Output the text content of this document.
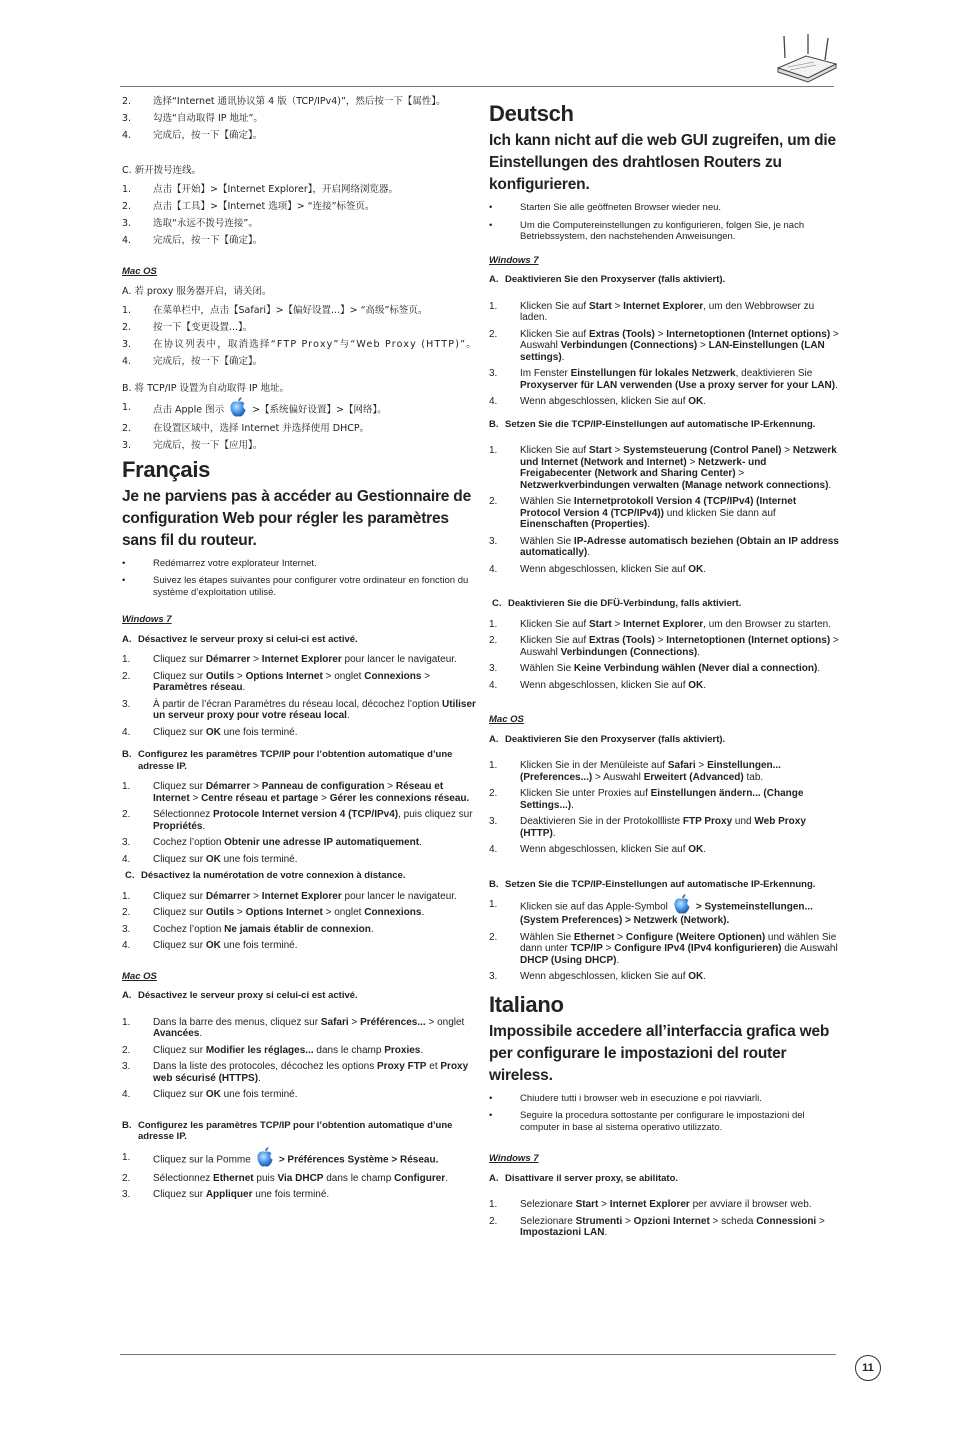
2.	选择“Internet 通讯协议第 4 版（TCP/IPv4)”，然后按一下【属性】。
3.	勾选“自动取得 IP 地址”。
4.	完成后，按一下【确定】。
C. 新开拨号连线。
1.	点击【开始】>【Internet Explorer】，开启网络浏览器。
2.	点击【工具】>【Internet 选项】> “连接”标签页。
3.	选取“永远不拨号连接”。
4.	完成后，按一下【确定】。
Mac OS
A. 若 proxy 服务器开启，请关闭。
1.	在菜单栏中，点击【Safari】>【偏好设置...】> “高级”标签页。
2.	按一下【变更设置...】。
3.	在协议列表中，取消选择“FTP Proxy”与“Web Proxy (HTTP)”。
4.	完成后，按一下【确定】。
B. 将 TCP/IP 设置为自动取得 IP 地址。
1.	点击 Apple 图示	>【系统偏好设置】>【网络】。
2.	在设置区域中，选择 Internet 并选择使用 DHCP。
3.	完成后，按一下【应用】。
Français
Je ne parviens pas à accéder au Gestionnaire de configuration Web pour régler les paramètres sans fil du routeur.
•	Redémarrez votre explorateur Internet.
•	Suivez les étapes suivantes pour configurer votre ordinateur en fonction du système d’exploitation utilisé.
Windows 7
A. Désactivez le serveur proxy si celui-ci est activé.
1.	Cliquez sur Démarrer > Internet Explorer pour lancer le navigateur.
2.	Cliquez sur Outils > Options Internet > onglet Connexions > Paramètres réseau.
3.	À partir de l’écran Paramètres du réseau local, décochez l’option Utiliser un serveur proxy pour votre réseau local.
4.	Cliquez sur OK une fois terminé.
B. Configurez les paramètres TCP/IP pour l’obtention automatique d’une adresse IP.
1.	Cliquez sur Démarrer > Panneau de configuration > Réseau et Internet > Centre réseau et partage > Gérer les connexions réseau.
2.	Sélectionnez Protocole Internet version 4 (TCP/IPv4), puis cliquez sur Propriétés.
3.	Cochez l’option Obtenir une adresse IP automatiquement.
4.	Cliquez sur OK une fois terminé.
C. Désactivez la numérotation de votre connexion à distance.
1.	Cliquez sur Démarrer > Internet Explorer pour lancer le navigateur.
2.	Cliquez sur Outils > Options Internet > onglet Connexions.
3.	Cochez l’option Ne jamais établir de connexion.
4.	Cliquez sur OK une fois terminé.
Mac OS
A. Désactivez le serveur proxy si celui-ci est activé.
1.	Dans la barre des menus, cliquez sur Safari > Préférences... > onglet Avancées.
2.	Cliquez sur Modifier les réglages... dans le champ Proxies.
3.	Dans la liste des protocoles, décochez les options Proxy FTP et Proxy web sécurisé (HTTPS).
4.	Cliquez sur OK une fois terminé.
B. Configurez les paramètres TCP/IP pour l’obtention automatique d’une adresse IP.
1.	Cliquez sur la Pomme	> Préférences Système > Réseau.
2.	Sélectionnez Ethernet puis Via DHCP dans le champ Configurer.
3.	Cliquez sur Appliquer une fois terminé.
Deutsch
Ich kann nicht auf die web GUI zugreifen, um die Einstellungen des drahtlosen Routers zu konfigurieren.
•	Starten Sie alle geöffneten Browser wieder neu.
•	Um die Computereinstellungen zu konfigurieren, folgen Sie, je nach Betriebssystem, den nachstehenden Anweisungen.
Windows 7
A. Deaktivieren Sie den Proxyserver (falls aktiviert).
1.	Klicken Sie auf Start > Internet Explorer, um den Webbrowser zu laden.
2.	Klicken Sie auf Extras (Tools) > Internetoptionen (Internet options) > Auswahl Verbindungen (Connections) > LAN-Einstellungen (LAN settings).
3.	Im Fenster Einstellungen für lokales Netzwerk, deaktivieren Sie Proxyserver für LAN verwenden (Use a proxy server for your LAN).
4.	Wenn abgeschlossen, klicken Sie auf OK.
B. Setzen Sie die TCP/IP-Einstellungen auf automatische IP-Erkennung.
1.	Klicken Sie auf Start > Systemsteuerung (Control Panel) > Netzwerk und Internet (Network and Internet) > Netzwerk- und Freigabecenter (Network and Sharing Center) > Netzwerkverbindungen verwalten (Manage network connections).
2.	Wählen Sie Internetprotokoll Version 4 (TCP/IPv4) (Internet Protocol Version 4 (TCP/IPv4)) und klicken Sie dann auf Einenschaften (Properties).
3.	Wählen Sie IP-Adresse automatisch beziehen (Obtain an IP address automatically).
4.	Wenn abgeschlossen, klicken Sie auf OK.
C. Deaktivieren Sie die DFÜ-Verbindung, falls aktiviert.
1.	Klicken Sie auf Start > Internet Explorer, um den Browser zu starten.
2.	Klicken Sie auf Extras (Tools) > Internetoptionen (Internet options) > Auswahl Verbindungen (Connections).
3.	Wählen Sie Keine Verbindung wählen (Never dial a connection).
4.	Wenn abgeschlossen, klicken Sie auf OK.
Mac OS
A. Deaktivieren Sie den Proxyserver (falls aktiviert).
1.	Klicken Sie in der Menüleiste auf Safari > Einstellungen... (Preferences...) > Auswahl Erweitert (Advanced) tab.
2.	Klicken Sie unter Proxies auf Einstellungen ändern... (Change Settings...).
3.	Deaktivieren Sie in der Protokollliste FTP Proxy und Web Proxy (HTTP).
4.	Wenn abgeschlossen, klicken Sie auf OK.
B. Setzen Sie die TCP/IP-Einstellungen auf automatische IP-Erkennung.
1.	Klicken sie auf das Apple-Symbol	> Systemeinstellungen... (System Preferences) > Netzwerk (Network).
2.	Wählen Sie Ethernet > Configure (Weitere Optionen) und wählen Sie dann unter TCP/IP > Configure IPv4 (IPv4 konfigurieren) die Auswahl DHCP (Using DHCP).
3.	Wenn abgeschlossen, klicken Sie auf OK.
Italiano
Impossibile accedere all’interfaccia grafica web per configurare le impostazioni del router wireless.
•	Chiudere tutti i browser web in esecuzione e poi riavviarli.
•	Seguire la procedura sottostante per configurare le impostazioni del computer in base al sistema operativo utilizzato.
Windows 7
A. Disattivare il server proxy, se abilitato.
1.	Selezionare Start > Internet Explorer per avviare il browser web.
2.	Selezionare Strumenti > Opzioni Internet > scheda Connessioni > Impostazioni LAN.
11
